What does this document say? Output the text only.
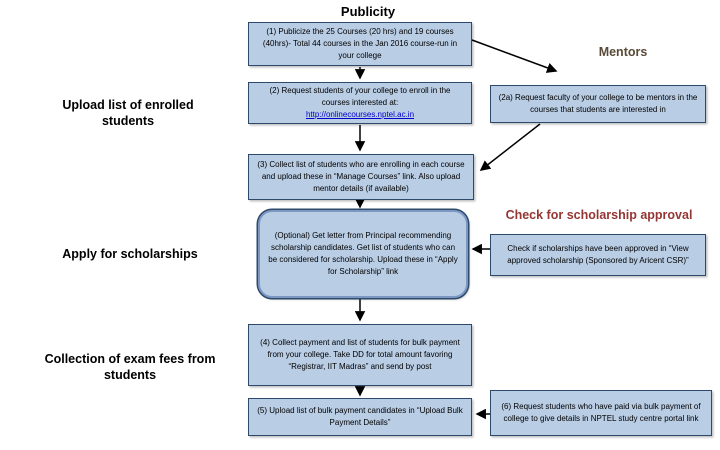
Publicity
Mentors
Upload list of enrolled students
Check for scholarship approval
Apply for scholarships
Collection of exam fees from students
(1) Publicize the 25 Courses (20 hrs) and 19 courses (40hrs)- Total 44 courses in the Jan 2016 course-run in your college
(2) Request students of your college to enroll in the courses interested at:
http://onlinecourses.nptel.ac.in
(2a) Request faculty of your college to be mentors in the courses that students are interested in
(3) Collect list of students who are enrolling in each course and upload these in “Manage Courses” link. Also upload mentor details (if available)
(Optional) Get letter from Principal recommending scholarship candidates. Get list of students who can be considered for scholarship. Upload these in “Apply for Scholarship” link
Check if scholarships have been approved in “View approved scholarship (Sponsored by Aricent CSR)”
(4) Collect payment and list of students for bulk payment from your college. Take DD for total amount favoring “Registrar, IIT Madras” and send by post
(5) Upload list of bulk payment candidates in “Upload Bulk Payment Details”
(6) Request students who have paid via bulk payment of college to give details in NPTEL study centre portal link
